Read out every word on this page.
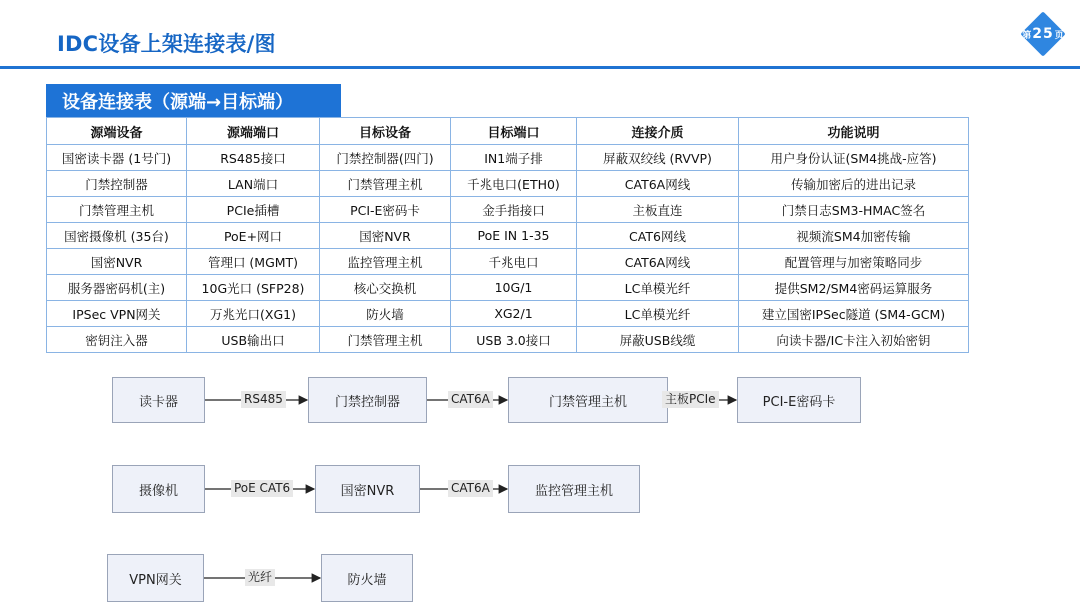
IDC设备上架连接表/图	第 25 页
设备连接表（源端→目标端）
源端设备	源端端口	目标设备	目标端口	连接介质	功能说明
国密读卡器 (1号门)	RS485接口	门禁控制器(四门)	IN1端子排	屏蔽双绞线 (RVVP)	用户身份认证(SM4挑战-应答)
门禁控制器	LAN端口	门禁管理主机	千兆电口(ETH0)	CAT6A网线	传输加密后的进出记录
门禁管理主机	PCIe插槽	PCI-E密码卡	金手指接口	主板直连	门禁日志SM3-HMAC签名
国密摄像机 (35台)	PoE+网口	国密NVR	PoE IN 1-35	CAT6网线	视频流SM4加密传输
国密NVR	管理口 (MGMT)	监控管理主机	千兆电口	CAT6A网线	配置管理与加密策略同步
服务器密码机(主)	10G光口 (SFP28)	核心交换机	10G/1	LC单模光纤	提供SM2/SM4密码运算服务
IPSec VPN网关	万兆光口(XG1)	防火墙	XG2/1	LC单模光纤	建立国密IPSec隧道 (SM4-GCM)
密钥注入器	USB输出口	门禁管理主机	USB 3.0接口	屏蔽USB线缆	向读卡器/IC卡注入初始密钥
读卡器	门禁控制器	门禁管理主机	PCI-E密码卡
RS485	CAT6A	主板PCIe
摄像机	国密NVR	监控管理主机
PoE CAT6	CAT6A
VPN网关	防火墙
光纤
